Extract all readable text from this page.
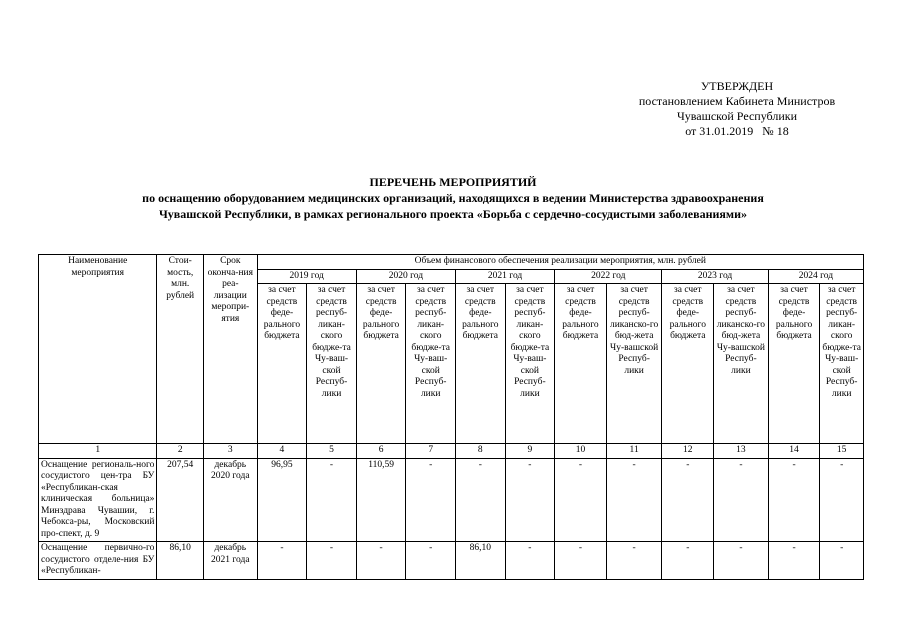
УТВЕРЖДЕН
постановлением Кабинета Министров
Чувашской Республики
от 31.01.2019   № 18
ПЕРЕЧЕНЬ МЕРОПРИЯТИЙ
по оснащению оборудованием медицинских организаций, находящихся в ведении Министерства здравоохранения
Чувашской Республики, в рамках регионального проекта «Борьба с сердечно-сосудистыми заболеваниями»
Наименование мероприятия	Стои-мость, млн. рублей	Срок оконча-ния реа-лизации меропри-ятия	Объем финансового обеспечения реализации мероприятия, млн. рублей											
			2019 год		2020 год		2021 год		2022 год		2023 год		2024 год	
			за счет средств феде-рального бюджета	за счет средств респуб-ликан-ского бюдже-та Чу-ваш-ской Респуб-лики	за счет средств феде-рального бюджета	за счет средств респуб-ликан-ского бюдже-та Чу-ваш-ской Респуб-лики	за счет средств феде-рального бюджета	за счет средств респуб-ликан-ского бюдже-та Чу-ваш-ской Респуб-лики	за счет средств феде-рального бюджета	за счет средств респуб-ликанско-го бюд-жета Чу-вашской Респуб-лики	за счет средств феде-рального бюджета	за счет средств респуб-ликанско-го бюд-жета Чу-вашской Респуб-лики	за счет средств феде-рального бюджета	за счет средств респуб-ликан-ского бюдже-та Чу-ваш-ской Респуб-лики
1	2	3	4	5	6	7	8	9	10	11	12	13	14	15
Оснащение региональ-ного сосудистого цен-тра БУ «Республикан-ская клиническая больница» Минздрава Чувашии, г. Чебокса-ры, Московский про-спект, д. 9	207,54	декабрь 2020 года	96,95	-	110,59	-	-	-	-	-	-	-	-	-
Оснащение первично-го сосудистого отделе-ния БУ «Республикан-	86,10	декабрь 2021 года	-	-	-	-	86,10	-	-	-	-	-	-	-
